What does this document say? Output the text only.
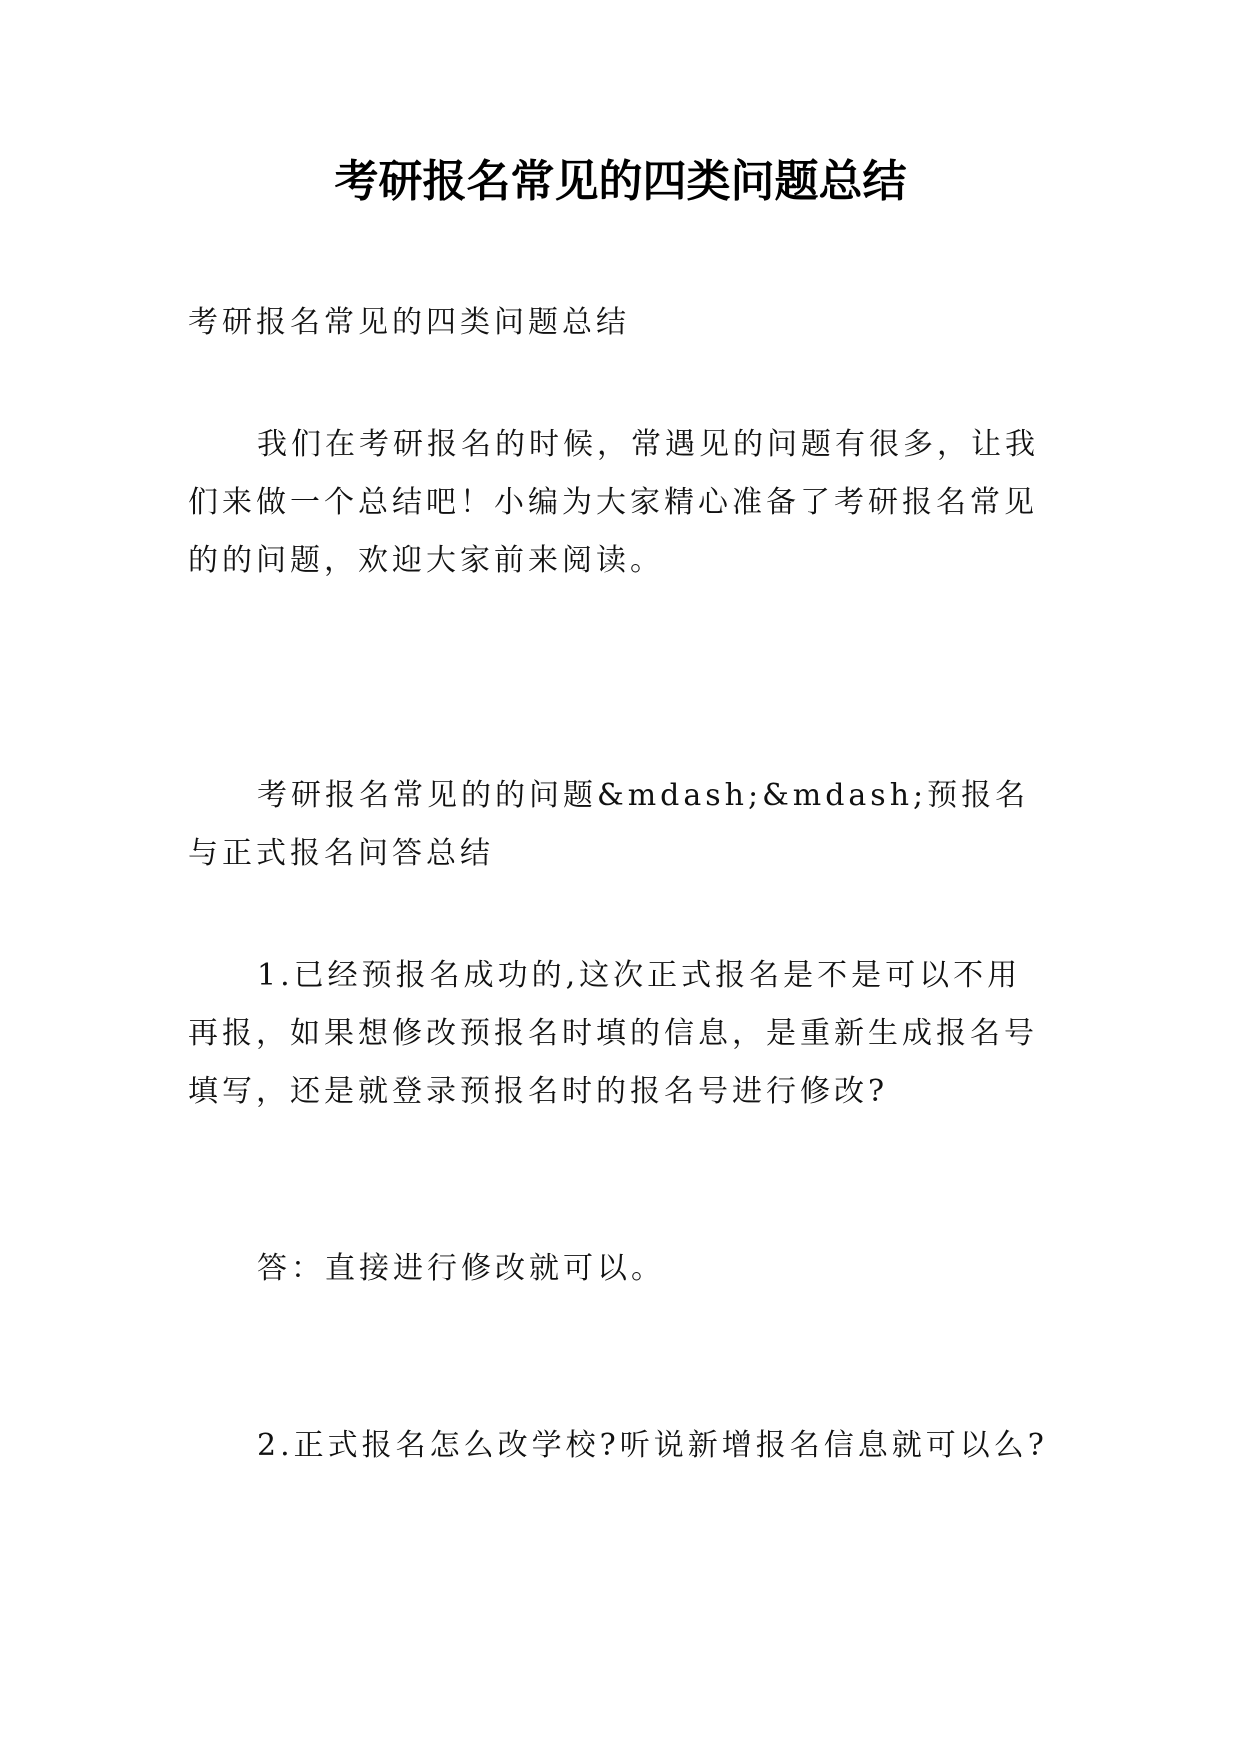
考研报名常见的四类问题总结

考研报名常见的四类问题总结

我们在考研报名的时候，常遇见的问题有很多，让我们来做一个总结吧！小编为大家精心准备了考研报名常见的的问题，欢迎大家前来阅读。

考研报名常见的的问题&mdash;&mdash;预报名与正式报名问答总结

1.已经预报名成功的,这次正式报名是不是可以不用再报，如果想修改预报名时填的信息，是重新生成报名号填写，还是就登录预报名时的报名号进行修改?

答：直接进行修改就可以。

2.正式报名怎么改学校?听说新增报名信息就可以么?
